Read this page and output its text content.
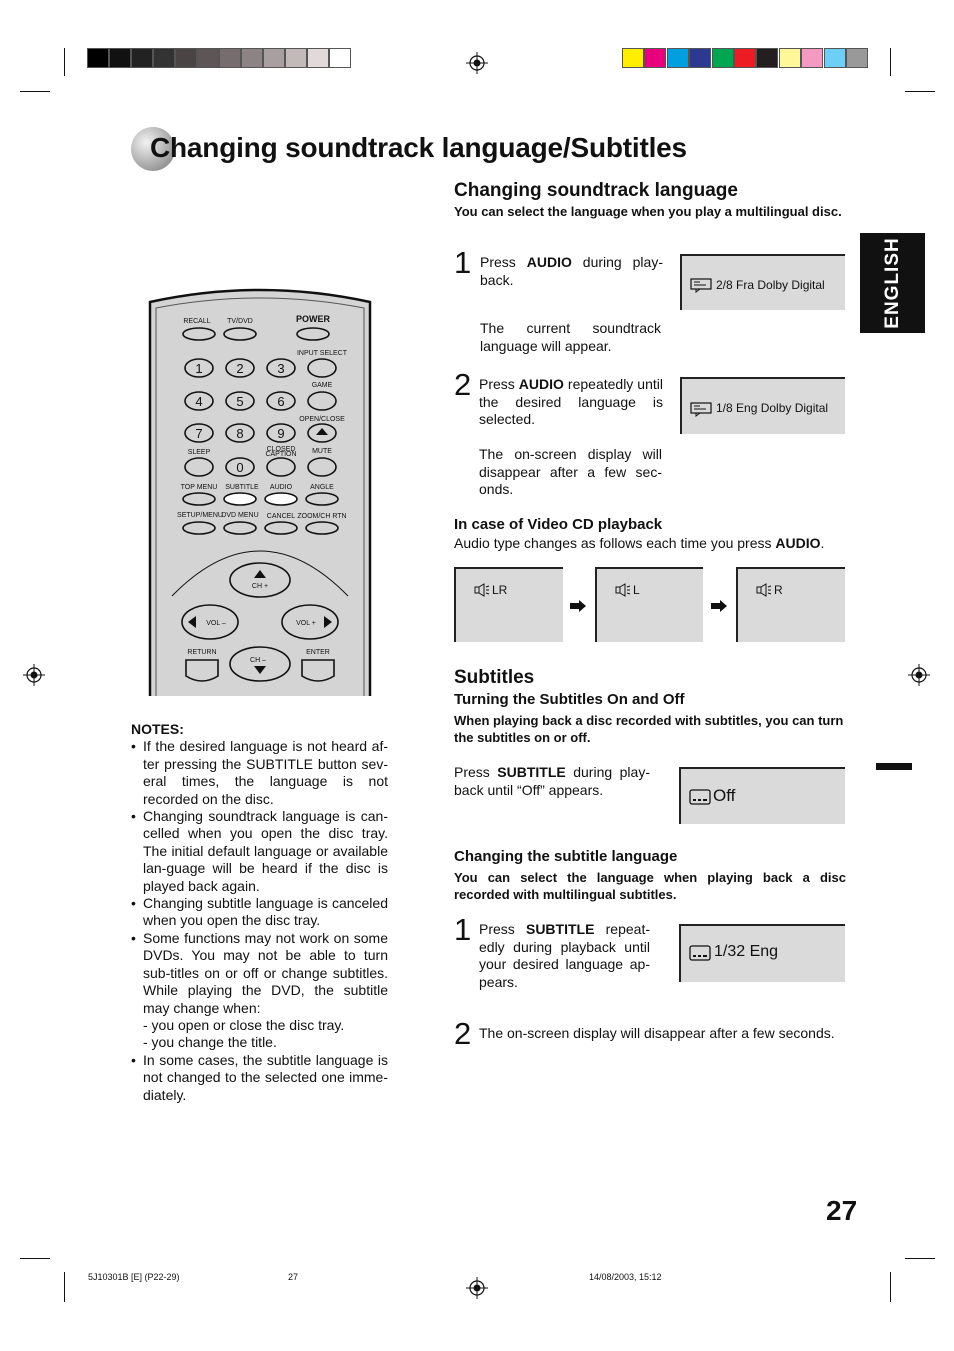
Changing soundtrack language/Subtitles
ENGLISH
RECALL TV/DVD	POWER
INPUT SELECT
1	2	3
4	5	6
7	8	9
GAME
OPEN/CLOSE
SLEEP	CLOSED
CAPTION MUTE
0
TOP MENU SUBTITLE AUDIO	ANGLE
SETUP/MENU
DVD MENU CANCEL ZOOM/CH RTN
CH +
CH –
VOL –	VOL +
RETURN	ENTER
NOTES:
• If the desired language is not heard af-ter pressing the SUBTITLE button sev-eral times, the language is not recorded on the disc.
• Changing soundtrack language is can-celled when you open the disc tray. The initial default language or available lan-guage will be heard if the disc is played back again.
• Changing subtitle language is canceled when you open the disc tray.
• Some functions may not work on some DVDs. You may not be able to turn sub-titles on or off or change subtitles. While playing the DVD, the subtitle may change when:
- you open or close the disc tray.
- you change the title.
• In some cases, the subtitle language is not changed to the selected one imme-diately.
Changing soundtrack language
You can select the language when you play a multilingual disc.
1 Press AUDIO during play-back.
The current soundtrack language will appear.
2/8 Fra Dolby Digital
2 Press AUDIO repeatedly until the desired language is selected.
The on-screen display will disappear after a few sec-onds.
1/8 Eng Dolby Digital
In case of Video CD playback
Audio type changes as follows each time you press AUDIO.
LR	L	R
Subtitles
Turning the Subtitles On and Off
When playing back a disc recorded with subtitles, you can turn the subtitles on or off.
Press SUBTITLE during play-back until “Off” appears.	Off
Changing the subtitle language
You can select the language when playing back a disc recorded with multilingual subtitles.
1 Press SUBTITLE repeat-edly during playback until your desired language ap-pears.
1/32 Eng
2 The on-screen display will disappear after a few seconds.
27
5J10301B [E] (P22-29)	27	14/08/2003, 15:12
